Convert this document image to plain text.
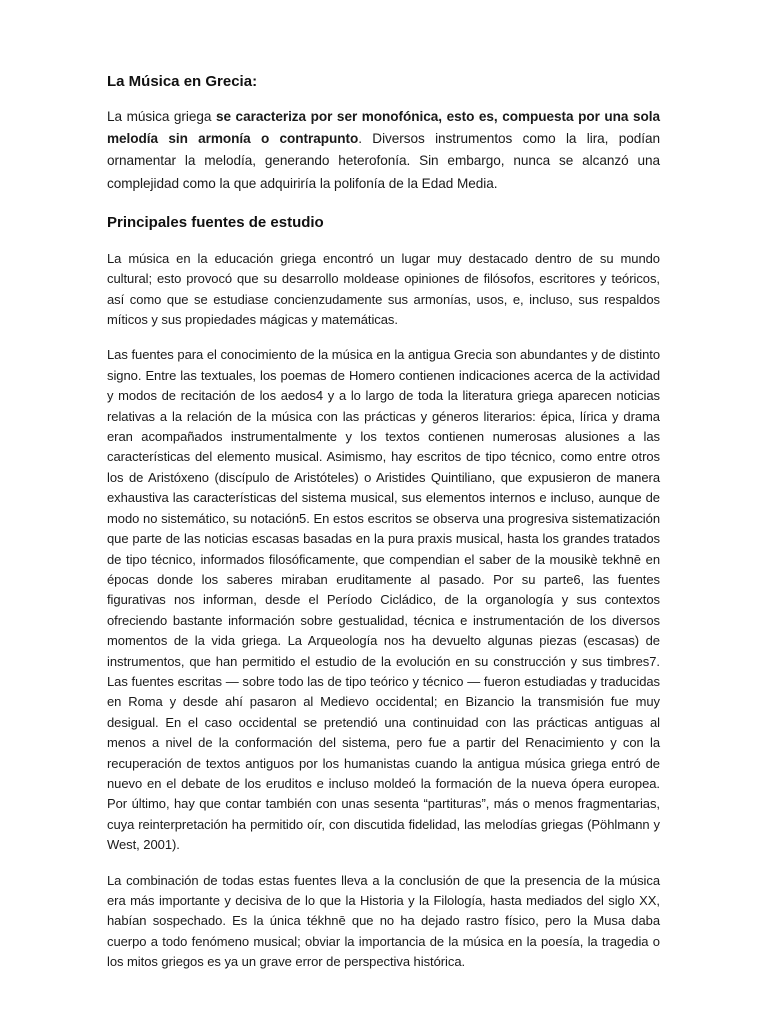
La Música en Grecia:

La música griega se caracteriza por ser monofónica, esto es, compuesta por una sola melodía sin armonía o contrapunto. Diversos instrumentos como la lira, podían ornamentar la melodía, generando heterofonía. Sin embargo, nunca se alcanzó una complejidad como la que adquiriría la polifonía de la Edad Media.

Principales fuentes de estudio

La música en la educación griega encontró un lugar muy destacado dentro de su mundo cultural; esto provocó que su desarrollo moldease opiniones de filósofos, escritores y teóricos, así como que se estudiase concienzudamente sus armonías, usos, e, incluso, sus respaldos míticos y sus propiedades mágicas y matemáticas.

Las fuentes para el conocimiento de la música en la antigua Grecia son abundantes y de distinto signo. Entre las textuales, los poemas de Homero contienen indicaciones acerca de la actividad y modos de recitación de los aedos4 y a lo largo de toda la literatura griega aparecen noticias relativas a la relación de la música con las prácticas y géneros literarios: épica, lírica y drama eran acompañados instrumentalmente y los textos contienen numerosas alusiones a las características del elemento musical. Asimismo, hay escritos de tipo técnico, como entre otros los de Aristóxeno (discípulo de Aristóteles) o Aristides Quintiliano, que expusieron de manera exhaustiva las características del sistema musical, sus elementos internos e incluso, aunque de modo no sistemático, su notación5. En estos escritos se observa una progresiva sistematización que parte de las noticias escasas basadas en la pura praxis musical, hasta los grandes tratados de tipo técnico, informados filosóficamente, que compendian el saber de la mousikè tekhnē en épocas donde los saberes miraban eruditamente al pasado. Por su parte6, las fuentes figurativas nos informan, desde el Período Cicládico, de la organología y sus contextos ofreciendo bastante información sobre gestualidad, técnica e instrumentación de los diversos momentos de la vida griega. La Arqueología nos ha devuelto algunas piezas (escasas) de instrumentos, que han permitido el estudio de la evolución en su construcción y sus timbres7. Las fuentes escritas — sobre todo las de tipo teórico y técnico — fueron estudiadas y traducidas en Roma y desde ahí pasaron al Medievo occidental; en Bizancio la transmisión fue muy desigual. En el caso occidental se pretendió una continuidad con las prácticas antiguas al menos a nivel de la conformación del sistema, pero fue a partir del Renacimiento y con la recuperación de textos antiguos por los humanistas cuando la antigua música griega entró de nuevo en el debate de los eruditos e incluso moldeó la formación de la nueva ópera europea. Por último, hay que contar también con unas sesenta “partituras”, más o menos fragmentarias, cuya reinterpretación ha permitido oír, con discutida fidelidad, las melodías griegas (Pöhlmann y West, 2001).

La combinación de todas estas fuentes lleva a la conclusión de que la presencia de la música era más importante y decisiva de lo que la Historia y la Filología, hasta mediados del siglo XX, habían sospechado. Es la única tékhnē que no ha dejado rastro físico, pero la Musa daba cuerpo a todo fenómeno musical; obviar la importancia de la música en la poesía, la tragedia o los mitos griegos es ya un grave error de perspectiva histórica.
